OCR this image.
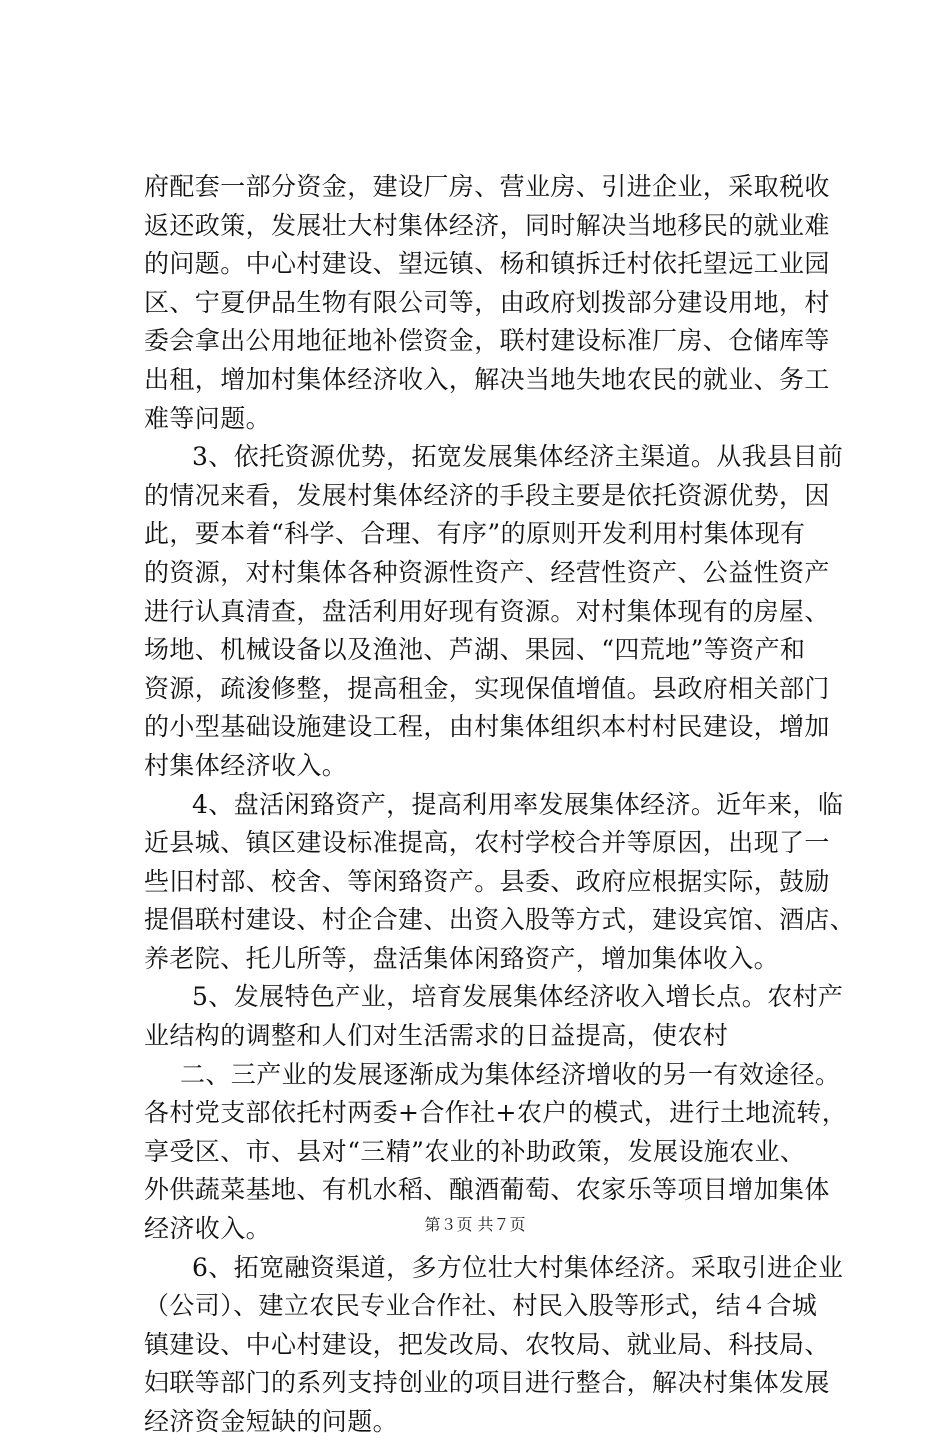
府配套一部分资金，建设厂房、营业房、引进企业，采取税收
返还政策，发展壮大村集体经济，同时解决当地移民的就业难
的问题。中心村建设、望远镇、杨和镇拆迁村依托望远工业园
区、宁夏伊品生物有限公司等，由政府划拨部分建设用地，村
委会拿出公用地征地补偿资金，联村建设标准厂房、仓储库等
出租，增加村集体经济收入，解决当地失地农民的就业、务工
难等问题。
3、依托资源优势，拓宽发展集体经济主渠道。从我县目前
的情况来看，发展村集体经济的手段主要是依托资源优势，因
此，要本着“科学、合理、有序”的原则开发利用村集体现有
的资源，对村集体各种资源性资产、经营性资产、公益性资产
进行认真清查，盘活利用好现有资源。对村集体现有的房屋、
场地、机械设备以及渔池、芦湖、果园、“四荒地”等资产和
资源，疏浚修整，提高租金，实现保值增值。县政府相关部门
的小型基础设施建设工程，由村集体组织本村村民建设，增加
村集体经济收入。
4、盘活闲臵资产，提高利用率发展集体经济。近年来，临
近县城、镇区建设标准提高，农村学校合并等原因，出现了一
些旧村部、校舍、等闲臵资产。县委、政府应根据实际，鼓励
提倡联村建设、村企合建、出资入股等方式，建设宾馆、酒店、
养老院、托儿所等，盘活集体闲臵资产，增加集体收入。
5、发展特色产业，培育发展集体经济收入增长点。农村产
业结构的调整和人们对生活需求的日益提高，使农村
二、三产业的发展逐渐成为集体经济增收的另一有效途径。
各村党支部依托村两委+合作社+农户的模式，进行土地流转，
享受区、市、县对“三精”农业的补助政策，发展设施农业、
外供蔬菜基地、有机水稻、酿酒葡萄、农家乐等项目增加集体
经济收入。
6、拓宽融资渠道，多方位壮大村集体经济。采取引进企业
（公司）、建立农民专业合作社、村民入股等形式，结４合城
镇建设、中心村建设，把发改局、农牧局、就业局、科技局、
妇联等部门的系列支持创业的项目进行整合，解决村集体发展
经济资金短缺的问题。
第３页 共７页
